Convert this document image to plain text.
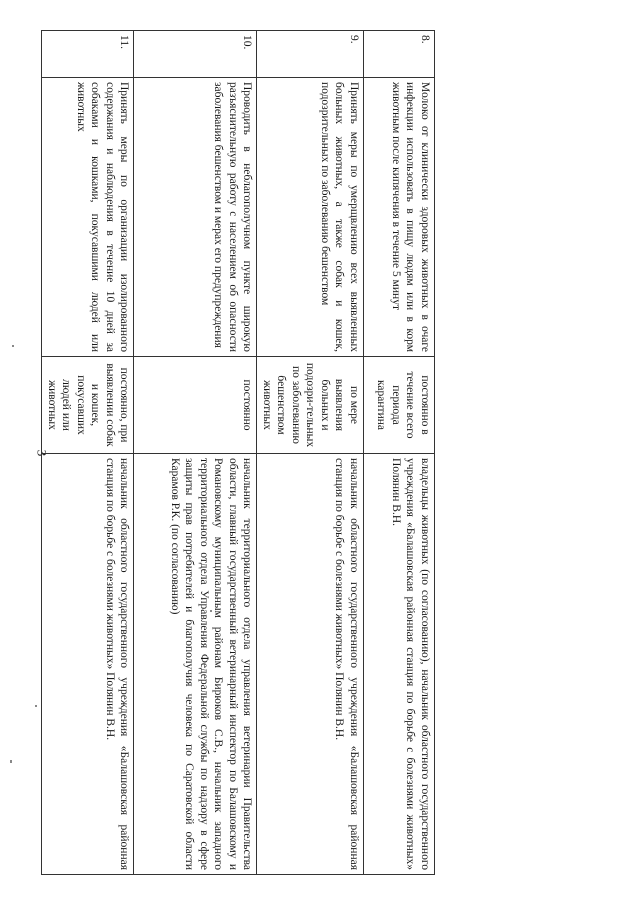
3
8.	Молоко от клинически здоровых животных в очаге инфекции использовать в пищу людям или в корм животным после кипячения в течение 5 минут	постоянно в течение всего периода карантина	владельцы животных (по согласованию), начальник областного государственного учреждения «Балашовская районная станция по борьбе с болезнями животных» Полянин В.Н.
9.	Принять меры по умерщвлению всех выявленных больных животных, а также собак и кошек, подозрительных по заболеванию бешенством	по мере выявления больных и подозри-тельных по заболеванию бешенством животных	начальник областного государственного учреждения «Балашовская районная станция по борьбе с болезнями животных» Полянин В.Н.
10.	Проводить в неблагополучном пункте широкую разъяснительную работу с населением об опасности заболевания бешенством и мерах его предупреждения	постоянно	начальник территориального отдела управления ветеринарии Правительства области, главный государственный ветеринарный инспектор по Балашовскому и Романовскому муниципальным районам Бирюков С.В., начальник западного территориального отдела Управления Федеральной службы по надзору в сфере защиты прав потребителей и благополучия человека по Саратовской области Карамов Р.К. (по согласованию)
11.	Принять меры по организации изолированного содержания и наблюдения в течение 10 дней за собаками и кошками, покусавшими людей или животных	постоянно, при выявлении собак и кошек, покусавших людей или животных	начальник областного государственного учреждения «Балашовская районная станция по борьбе с болезнями животных» Полянин В.Н.
